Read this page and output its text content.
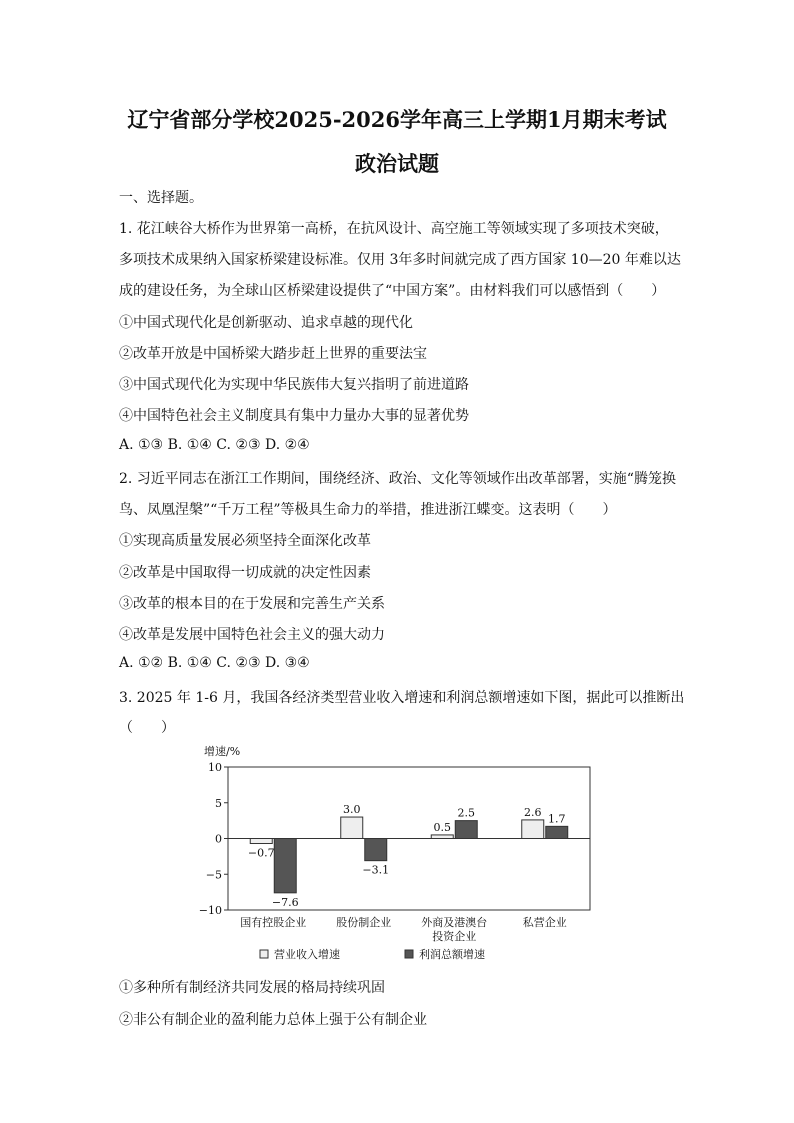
辽宁省部分学校2025-2026学年高三上学期1月期末考试
政治试题
一、选择题。
1. 花江峡谷大桥作为世界第一高桥，在抗风设计、高空施工等领域实现了多项技术突破，
多项技术成果纳入国家桥梁建设标准。仅用 3年多时间就完成了西方国家 10—20 年难以达
成的建设任务，为全球山区桥梁建设提供了“中国方案”。由材料我们可以感悟到（　　）
①中国式现代化是创新驱动、追求卓越的现代化
②改革开放是中国桥梁大踏步赶上世界的重要法宝
③中国式现代化为实现中华民族伟大复兴指明了前进道路
④中国特色社会主义制度具有集中力量办大事的显著优势
A. ①③ B. ①④ C. ②③ D. ②④
2. 习近平同志在浙江工作期间，围绕经济、政治、文化等领域作出改革部署，实施“腾笼换
鸟、凤凰涅槃”“千万工程”等极具生命力的举措，推进浙江蝶变。这表明（　　）
①实现高质量发展必须坚持全面深化改革
②改革是中国取得一切成就的决定性因素
③改革的根本目的在于发展和完善生产关系
④改革是发展中国特色社会主义的强大动力
A. ①② B. ①④ C. ②③ D. ③④
3. 2025 年 1-6 月，我国各经济类型营业收入增速和利润总额增速如下图，据此可以推断出
（　　）
增速/%
10
5
0
−5
−10
−0.7
−7.6
国有控股企业
3.0
−3.1
股份制企业
0.5
2.5
外商及港澳台
投资企业
2.6 1.7
私营企业
营业收入增速	利润总额增速
①多种所有制经济共同发展的格局持续巩固
②非公有制企业的盈利能力总体上强于公有制企业
